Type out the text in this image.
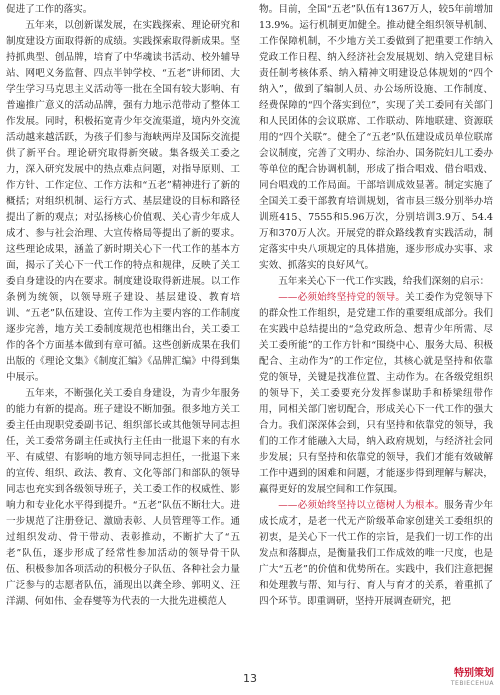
促进了工作的落实。

五年来，以创新谋发展，在实践探索、理论研究和制度建设方面取得新的成绩。实践探索取得新成果。坚持抓典型、创品牌，培育了中华魂读书活动、校外辅导站、网吧义务监督、四点半钟学校、“五老”讲师团、大学生学习马克思主义活动等一批在全国有较大影响、有普遍推广意义的活动品牌，强有力地示范带动了整体工作发展。同时，积极拓宽青少年交流渠道，境内外交流活动越来越活跃，为孩子们参与海峡两岸及国际交流提供了新平台。理论研究取得新突破。集各级关工委之力，深入研究发展中的热点难点问题，对指导原则、工作方针、工作定位、工作方法和“五老”精神进行了新的概括；对组织机制、运行方式、基层建设的目标和路径提出了新的观点；对弘扬核心价值观、关心青少年成人成才、参与社会治理、大宣传格局等提出了新的要求。这些理论成果，涵盖了新时期关心下一代工作的基本方面，揭示了关心下一代工作的特点和规律，反映了关工委自身建设的内在要求。制度建设取得新进展。以工作条例为统领，以领导班子建设、基层建设、教育培训、“五老”队伍建设、宣传工作为主要内容的工作制度逐步完善，地方关工委制度规范也相继出台，关工委工作的各个方面基本做到有章可循。这些创新成果在我们出版的《理论文集》《制度汇编》《品牌汇编》中得到集中展示。

五年来，不断强化关工委自身建设，为青少年服务的能力有新的提高。班子建设不断加强。很多地方关工委主任由现职党委副书记、组织部长或其他领导同志担任，关工委常务副主任或执行主任由一批退下来的有水平、有威望、有影响的地方领导同志担任，一批退下来的宣传、组织、政法、教育、文化等部门和部队的领导同志也充实到各级领导班子，关工委工作的权威性、影响力和专业化水平得到提升。“五老”队伍不断壮大。进一步规范了注册登记、激励表彰、人员管理等工作。通过组织发动、骨干带动、表彰推动，不断扩大了“五老”队伍，逐步形成了经常性参加活动的领导骨干队伍、积极参加各项活动的积极分子队伍、各种社会力量广泛参与的志愿者队伍，涌现出以龚全珍、郭明义、汪洋湖、何如伟、金春燮等为代表的一大批先进模范人

物。目前，全国“五老”队伍有1367万人，较5年前增加13.9%。运行机制更加健全。推动健全组织领导机制、工作保障机制，不少地方关工委做到了把重要工作纳入党政工作日程、纳入经济社会发展规划、纳入党建目标责任制考核体系、纳入精神文明建设总体规划的“四个纳入”，做到了编制人员、办公场所设施、工作制度、经费保障的“四个落实到位”，实现了关工委同有关部门和人民团体的会议联席、工作联动、阵地联建、资源联用的“四个关联”。健全了“五老”队伍建设成员单位联席会议制度，完善了文明办、综治办、国务院妇儿工委办等单位的配合协调机制，形成了指合唱戏、借台唱戏、同台唱戏的工作局面。干部培训成效显著。制定实施了全国关工委干部教育培训规划，省市县三级分别举办培训班415、7555和5.96万次，分别培训3.9万、54.4万和370万人次。开展党的群众路线教育实践活动，制定落实中央八项规定的具体措施，逐步形成办实事、求实效、抓落实的良好风气。

五年来关心下一代工作实践，给我们深刻的启示：

——必须始终坚持党的领导。关工委作为党领导下的群众性工作组织，是党建工作的重要组成部分。我们在实践中总结提出的“急党政所急、想青少年所需、尽关工委所能”的工作方针和“围绕中心、服务大局、积极配合、主动作为”的工作定位，其核心就是坚持和依靠党的领导，关键是找准位置、主动作为。在各级党组织的领导下，关工委要充分发挥参谋助手和桥梁纽带作用，同相关部门密切配合，形成关心下一代工作的强大合力。我们深深体会到，只有坚持和依靠党的领导，我们的工作才能融入大局，纳入政府规划，与经济社会同步发展；只有坚持和依靠党的领导，我们才能有效破解工作中遇到的困难和问题，才能逐步得到理解与解决，赢得更好的发展空间和工作氛围。

——必须始终坚持以立德树人为根本。服务青少年成长成才，是老一代无产阶级革命家创建关工委组织的初衷，是关心下一代工作的宗旨，是我们一切工作的出发点和落脚点，是衡量我们工作成效的唯一尺度，也是广大“五老”的价值和优势所在。实践中，我们注意把握和处理教与帮、知与行、育人与育才的关系，着重抓了四个环节。即重调研，坚持开展调查研究，把

13	特别策划
TEBIECEHUA
